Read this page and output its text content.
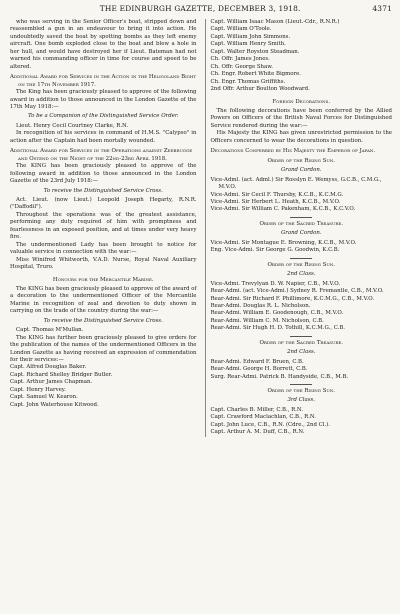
THE EDINBURGH GAZETTE, DECEMBER 3, 1918.	4371

who was serving in the Senior Officer's boat, stripped down and reassembled a gun in an endeavour to bring it into action. He undoubtedly saved the boat by spotting bombs as they left enemy aircraft. One bomb exploded close to the boat and blew a hole in her hull, and would have destroyed her if Lieut. Bateman had not warned his commanding officer in time for course and speed to be altered.

Additional Award for Services in the Action in the Heligoland Bight on the 17th November 1917.

The King has been graciously pleased to approve of the following award in addition to those announced in the London Gazette of the 17th May 1918:—

To be a Companion of the Distinguished Service Order.

Lieut. Henry Cecil Courtney Clarke, R.N.

In recognition of his services in command of H.M.S. "Calypso" in action after the Captain had been mortally wounded.

Additional Award for Services in the Operations against Zeebrugge and Ostend on the Night of the 22nd-23rd April 1918.

The KING has been graciously pleased to approve of the following award in addition to those announced in the London Gazette of the 23rd July 1918:—

To receive the Distinguished Service Cross.

Act. Lieut. (now Lieut.) Leopold Joseph Hegarty, R.N.R. ("Daffodil").

Throughout the operations was of the greatest assistance, performing any duty required of him with promptness and fearlessness in an exposed position, and at times under very heavy fire.

The undermentioned Lady has been brought to notice for valuable service in connection with the war:—

Miss Winifred Whitworth, V.A.D. Nurse, Royal Naval Auxiliary Hospital, Truro.

Honours for the Mercantile Marine.

The KING has been graciously pleased to approve of the award of a decoration to the undermentioned Officer of the Mercantile Marine in recognition of zeal and devotion to duty shown in carrying on the trade of the country during the war:—

To receive the Distinguished Service Cross.

Capt. Thomas M'Mullan.

The KING has further been graciously pleased to give orders for the publication of the names of the undermentioned Officers in the London Gazette as having received an expression of commendation for their services:—

Capt. Alfred Douglas Baker.

Capt. Richard Shelley Bridger Butler.

Capt. Arthur James Chapman.

Capt. Henry Harvey.

Capt. Samuel W. Kearon.

Capt. John Waterhouse Kitwood.

Capt. William Isaac Mason (Lieut.-Cdr., R.N.R.)

Capt. William O'Toole.

Capt. William John Simmons.

Capt. William Henry Smith.

Capt. Walter Royston Steadman.

Ch. Offr. James Jones.

Ch. Offr. George Shaw.

Ch. Engr. Robert White Bigmore.

Ch. Engr. Thomas Griffiths.

2nd Offr. Arthur Boulton Woodward.

Foreign Decorations.

The following decorations have been conferred by the Allied Powers on Officers of the British Naval Forces for Distinguished Service rendered during the war:—

His Majesty the KING has given unrestricted permission to the Officers concerned to wear the decorations in question.

Decorations Conferred by His Majesty the Emperor of Japan.

Order of the Rising Sun.

Grand Cordon.

Vice-Adml. (act. Adml.) Sir Rosslyn E. Wemyss, G.C.B., C.M.G., M.V.O.

Vice-Admi. Sir Cecil F. Thursby, K.C.B., K.C.M.G.

Vice-Admi. Sir Herbert L. Heath, K.C.B., M.V.O.

Vice-Admi. Sir William C. Pakenham, K.C.B., K.C.V.O.

Order of the Sacred Treasure.

Grand Cordon.

Vice-Admi. Sir Montague E. Browning, K.C.B., M.V.O.

Eng. Vice-Admi. Sir George G. Goodwin, K.C.B.

Order of the Rising Sun.

2nd Class.

Vice-Admi. Trevylyan D. W. Napier, C.B., M.V.O.

Rear-Admi. (act. Vice-Admi.) Sydney R. Fremantle, C.B., M.V.O.

Rear-Admi. Sir Richard F. Phillimore, K.C.M.G., C.B., M.V.O.

Rear-Admi. Douglas R. L. Nicholson.

Rear-Admi. William E. Goodenough, C.B., M.V.O.

Rear-Admi. William C. M. Nicholson, C.B.

Rear-Admi. Sir Hugh H. D. Tothill, K.C.M.G., C.B.

Order of the Sacred Treasure.

2nd Class.

Rear-Admi. Edward F. Bruen, C.B.

Rear-Admi. George H. Borrett, C.B.

Surg. Rear-Admi. Patrick B. Handyside, C.B., M.B.

Order of the Rising Sun.

3rd Class.

Capt. Charles B. Miller, C.B., R.N.

Capt. Crawford Maclachlan, C.B., R.N.

Capt. John Luce, C.B., R.N. (Cdre., 2nd Cl.).

Capt. Arthur A. M. Duff, C.B., R.N.
